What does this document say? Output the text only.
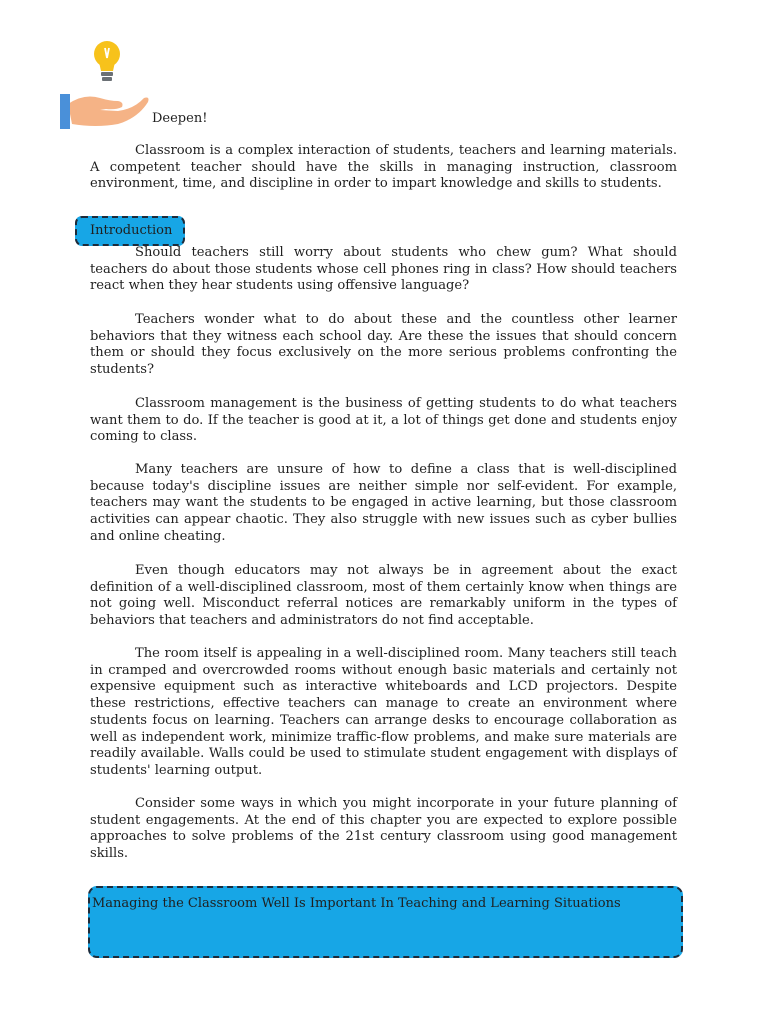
Deepen!

Classroom is a complex interaction of students, teachers and learning materials. A competent teacher should have the skills in managing instruction, classroom environment, time, and discipline in order to impart knowledge and skills to students.

Introduction

Should teachers still worry about students who chew gum? What should teachers do about those students whose cell phones ring in class? How should teachers react when they hear students using offensive language?

Teachers wonder what to do about these and the countless other learner behaviors that they witness each school day. Are these the issues that should concern them or should they focus exclusively on the more serious problems confronting the students?

Classroom management is the business of getting students to do what teachers want them to do. If the teacher is good at it, a lot of things get done and students enjoy coming to class.

Many teachers are unsure of how to define a class that is well-disciplined because today's discipline issues are neither simple nor self-evident. For example, teachers may want the students to be engaged in active learning, but those classroom activities can appear chaotic. They also struggle with new issues such as cyber bullies and online cheating.

Even though educators may not always be in agreement about the exact definition of a well-disciplined classroom, most of them certainly know when things are not going well. Misconduct referral notices are remarkably uniform in the types of behaviors that teachers and administrators do not find acceptable.

The room itself is appealing in a well-disciplined room. Many teachers still teach in cramped and overcrowded rooms without enough basic materials and certainly not expensive equipment such as interactive whiteboards and LCD projectors. Despite these restrictions, effective teachers can manage to create an environment where students focus on learning. Teachers can arrange desks to encourage collaboration as well as independent work, minimize traffic-flow problems, and make sure materials are readily available. Walls could be used to stimulate student engagement with displays of students' learning output.

Consider some ways in which you might incorporate in your future planning of student engagements. At the end of this chapter you are expected to explore possible approaches to solve problems of the 21st century classroom using good management skills.

Managing the Classroom Well Is Important In Teaching and Learning Situations
